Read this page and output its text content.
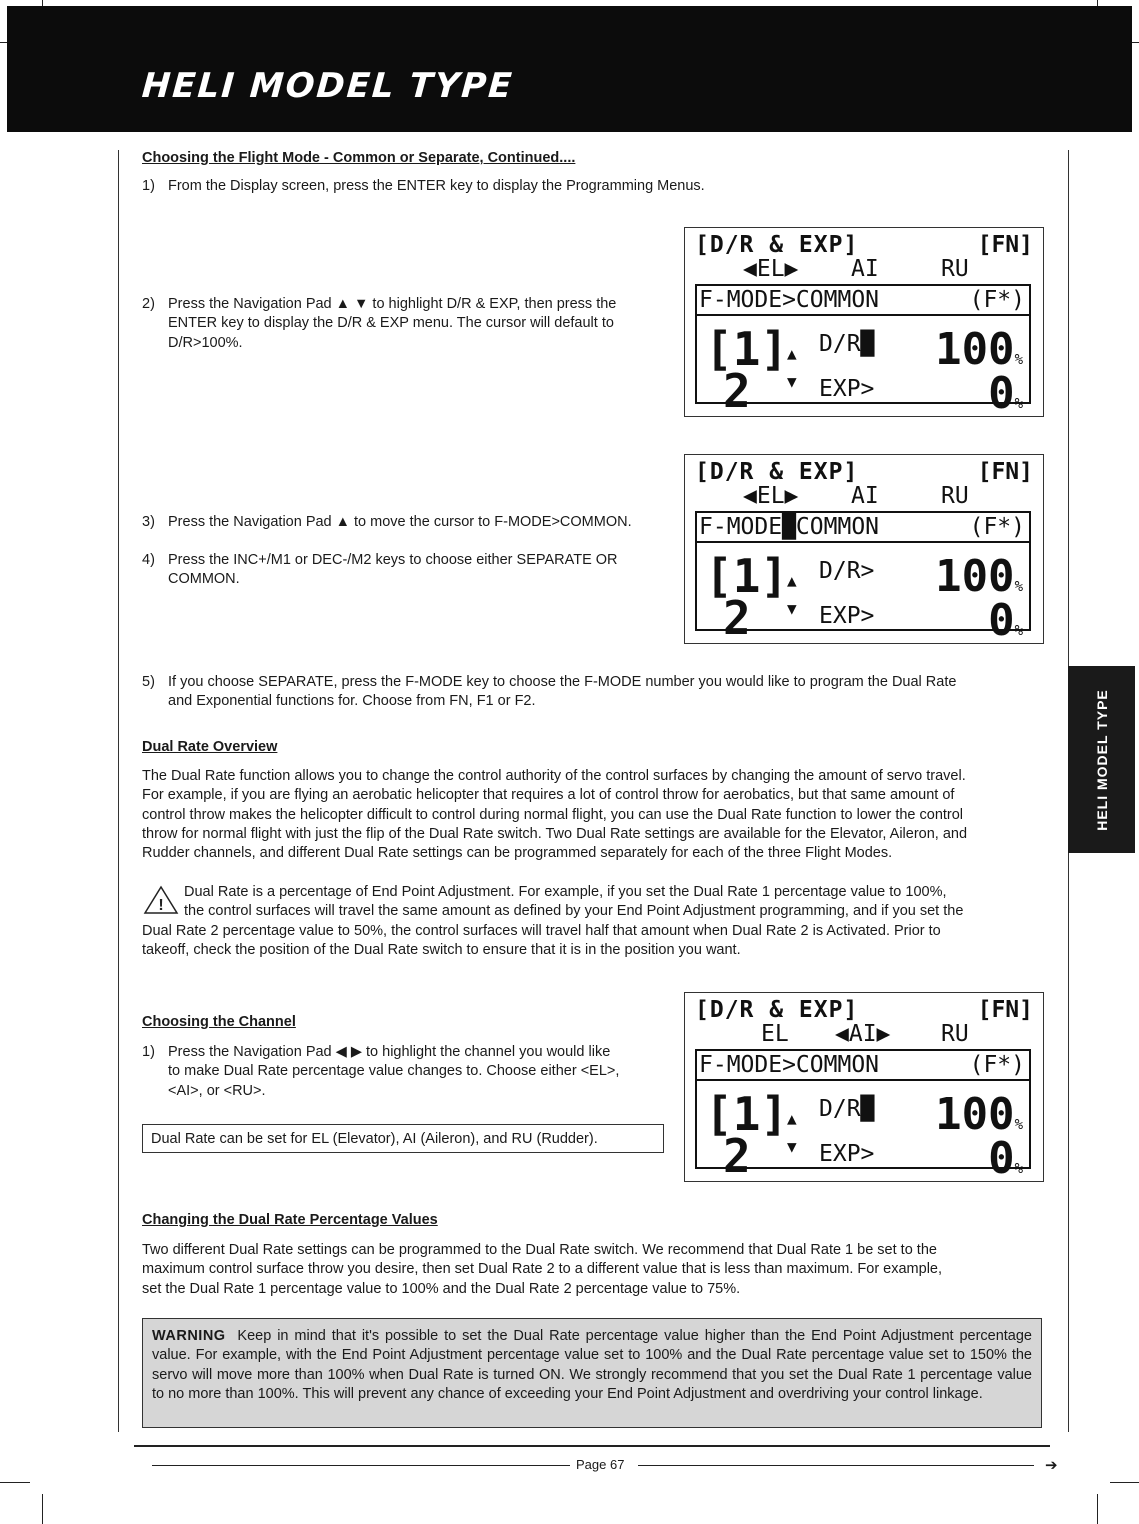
HELI MODEL TYPE
HELI MODEL TYPE
Choosing the Flight Mode - Common or Separate, Continued....
1) From the Display screen, press the ENTER key to display the Programming Menus.
2) Press the Navigation Pad ▲ ▼ to highlight D/R & EXP, then press the
ENTER key to display the D/R & EXP menu. The cursor will default to
D/R>100%.
[D/R & EXP]	[FN]
◀EL▶ AI	RU
F-MODE>COMMON	(F*)
[1]
2
▲
▼
D/R█
EXP>
100%
0%
3) Press the Navigation Pad ▲ to move the cursor to F-MODE>COMMON.
4) Press the INC+/M1 or DEC-/M2 keys to choose either SEPARATE OR
COMMON.
[D/R & EXP]	[FN]
◀EL▶ AI	RU
F-MODE█COMMON	(F*)
[1]
2
▲
▼
D/R>
EXP>
100%
0%
5) If you choose SEPARATE, press the F-MODE key to choose the F-MODE number you would like to program the Dual Rate
and Exponential functions for. Choose from FN, F1 or F2.
Dual Rate Overview
The Dual Rate function allows you to change the control authority of the control surfaces by changing the amount of servo travel.
For example, if you are flying an aerobatic helicopter that requires a lot of control throw for aerobatics, but that same amount of
control throw makes the helicopter difficult to control during normal flight, you can use the Dual Rate function to lower the control
throw for normal flight with just the flip of the Dual Rate switch. Two Dual Rate settings are available for the Elevator, Aileron, and
Rudder channels, and different Dual Rate settings can be programmed separately for each of the three Flight Modes.
!
Dual Rate is a percentage of End Point Adjustment. For example, if you set the Dual Rate 1 percentage value to 100%,
the control surfaces will travel the same amount as defined by your End Point Adjustment programming, and if you set the
Dual Rate 2 percentage value to 50%, the control surfaces will travel half that amount when Dual Rate 2 is Activated. Prior to
takeoff, check the position of the Dual Rate switch to ensure that it is in the position you want.
Choosing the Channel
1) Press the Navigation Pad ◀ ▶ to highlight the channel you would like
to make Dual Rate percentage value changes to. Choose either <EL>,
<AI>, or <RU>.
Dual Rate can be set for EL (Elevator), AI (Aileron), and RU (Rudder).
[D/R & EXP]	[FN]
EL ◀AI▶ RU
F-MODE>COMMON	(F*)
[1]
2
▲
▼
D/R█
EXP>
100%
0%
Changing the Dual Rate Percentage Values
Two different Dual Rate settings can be programmed to the Dual Rate switch. We recommend that Dual Rate 1 be set to the
maximum control surface throw you desire, then set Dual Rate 2 to a different value that is less than maximum. For example,
set the Dual Rate 1 percentage value to 100% and the Dual Rate 2 percentage value to 75%.
WARNING Keep in mind that it's possible to set the Dual Rate percentage value higher than the End Point Adjustment percentage value. For example, with the End Point Adjustment percentage value set to 100% and the Dual Rate percentage value set to 150% the servo will move more than 100% when Dual Rate is turned ON. We strongly recommend that you set the Dual Rate 1 percentage value to no more than 100%. This will prevent any chance of exceeding your End Point Adjustment and overdriving your control linkage.
Page 67	➔
